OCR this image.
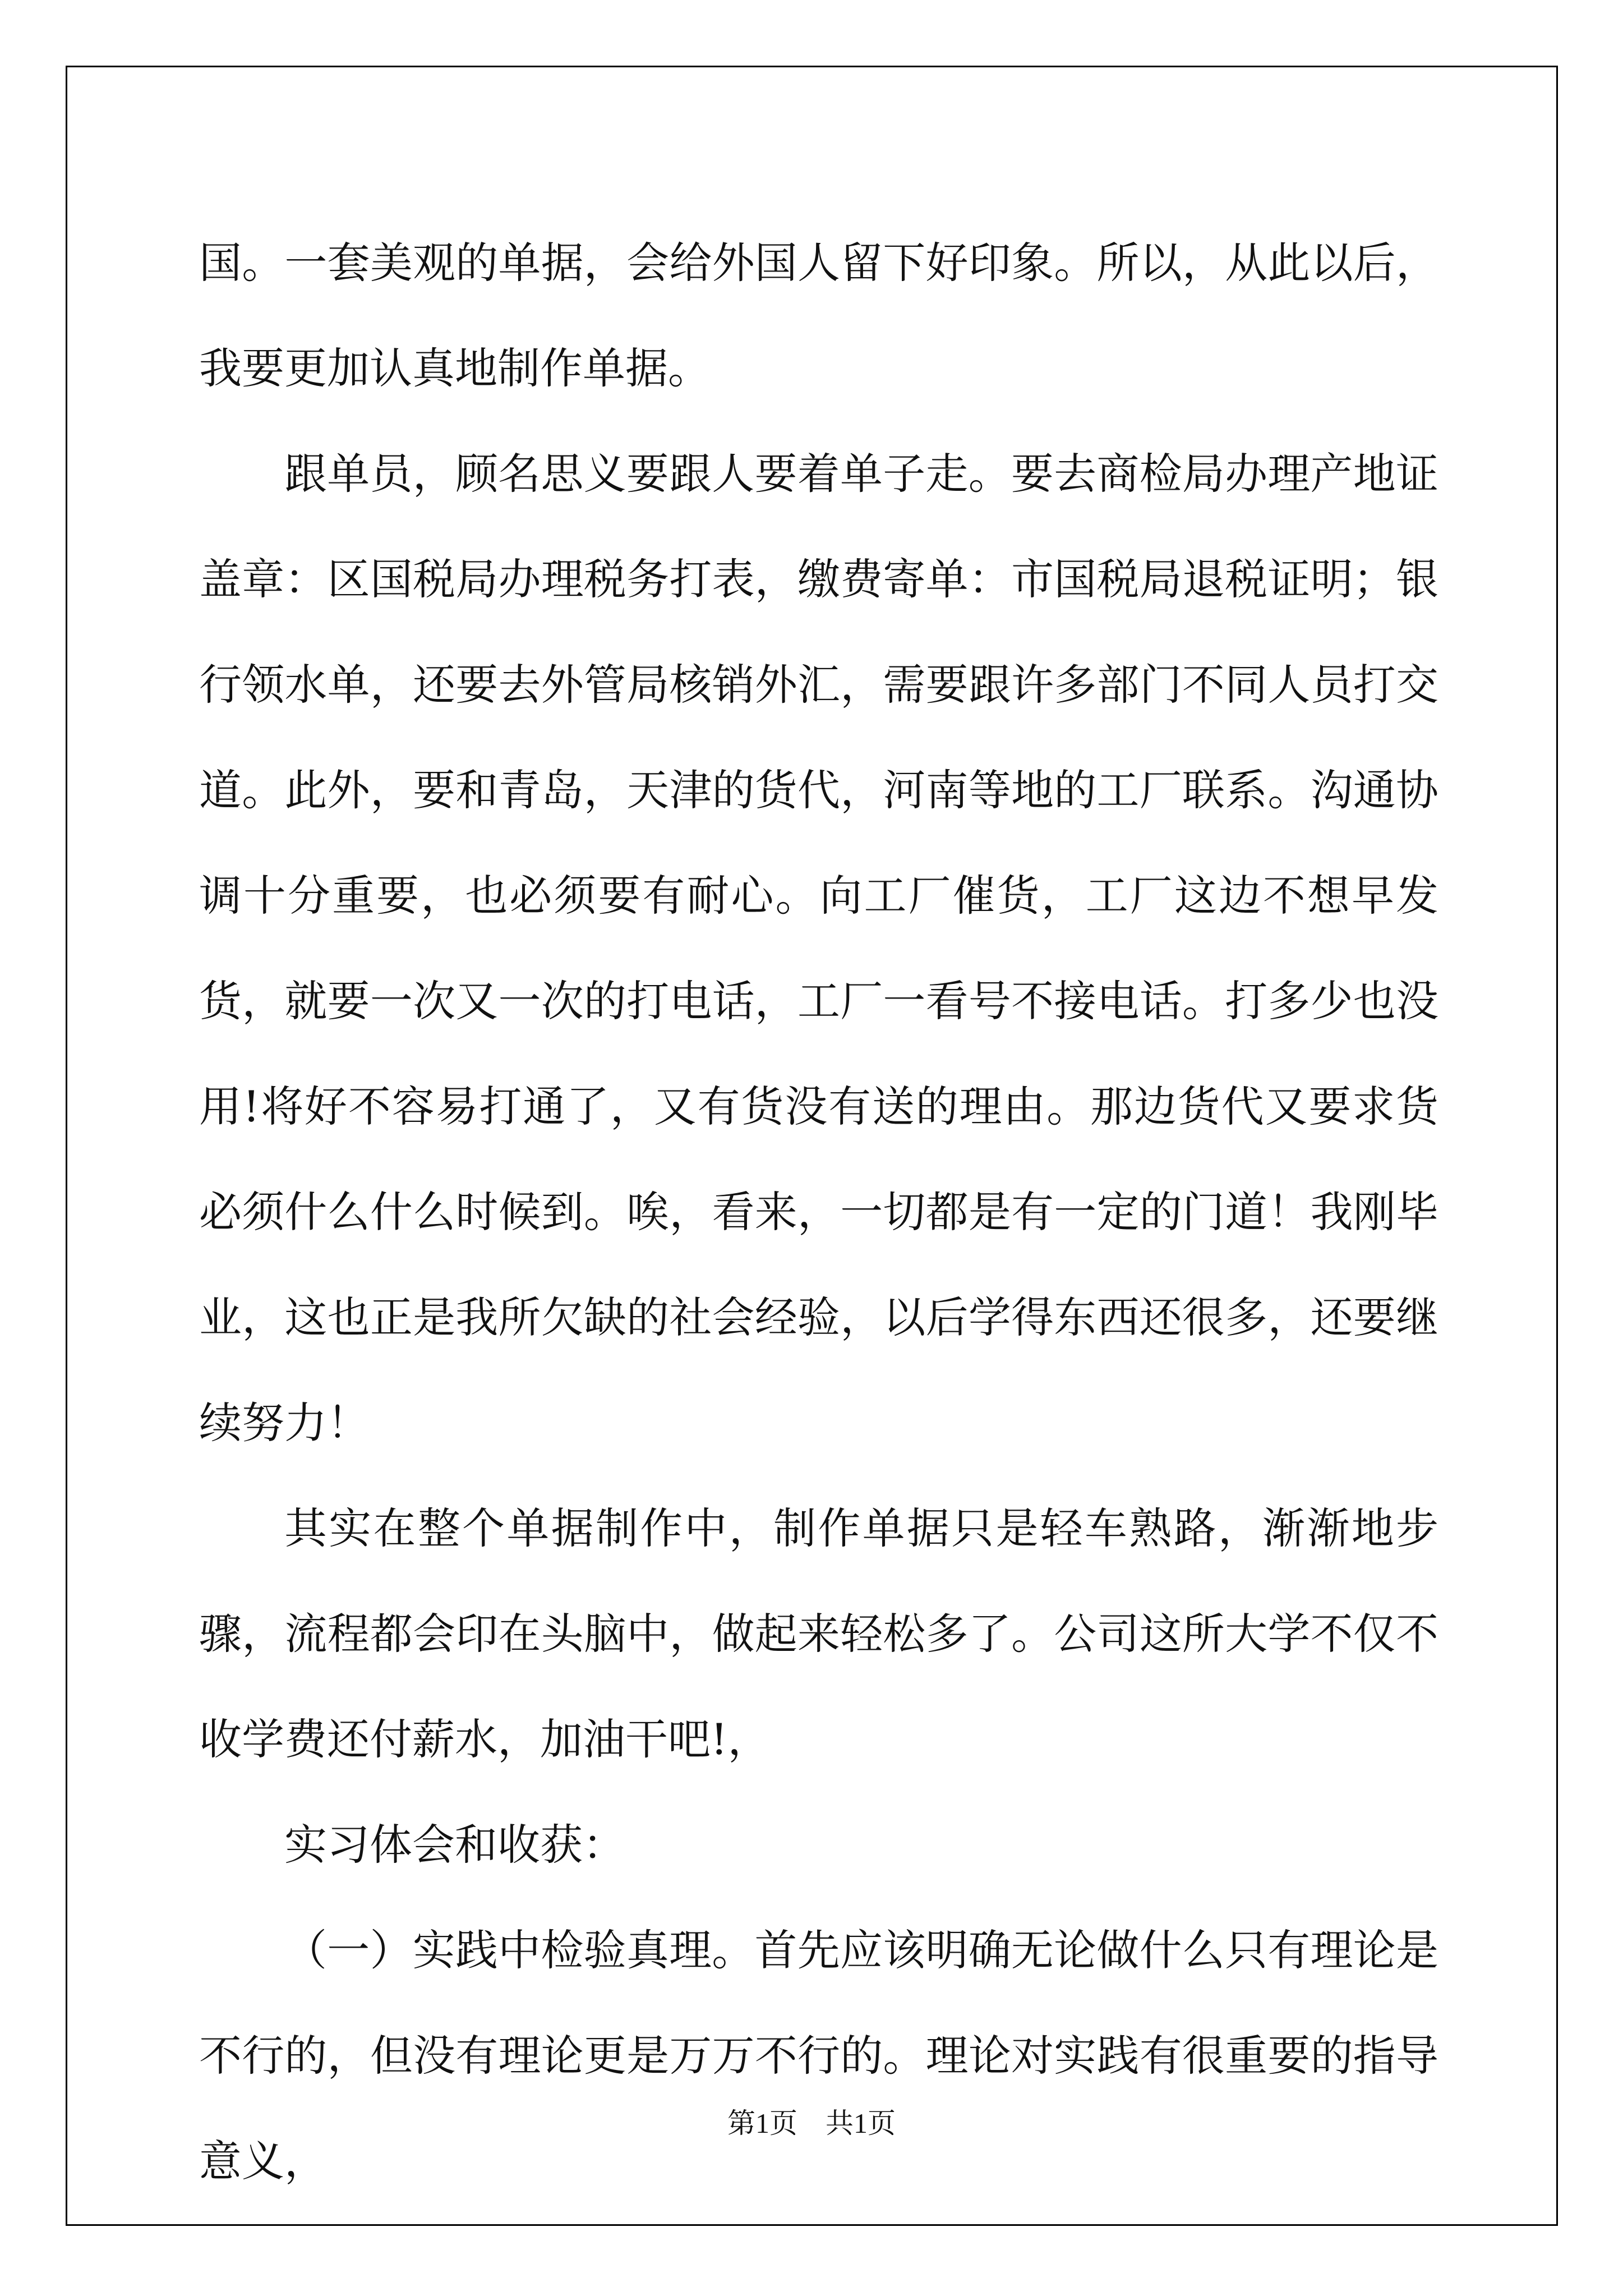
国。一套美观的单据，会给外国人留下好印象。所以，从此以后，我要更加认真地制作单据。

跟单员，顾名思义要跟人要着单子走。要去商检局办理产地证盖章：区国税局办理税务打表，缴费寄单：市国税局退税证明；银行领水单，还要去外管局核销外汇，需要跟许多部门不同人员打交道。此外，要和青岛，天津的货代，河南等地的工厂联系。沟通协调十分重要，也必须要有耐心。向工厂催货，工厂这边不想早发货，就要一次又一次的打电话，工厂一看号不接电话。打多少也没用!将好不容易打通了，又有货没有送的理由。那边货代又要求货必须什么什么时候到。唉，看来，一切都是有一定的门道！我刚毕业，这也正是我所欠缺的社会经验，以后学得东西还很多，还要继续努力！

其实在整个单据制作中，制作单据只是轻车熟路，渐渐地步骤，流程都会印在头脑中，做起来轻松多了。公司这所大学不仅不收学费还付薪水，加油干吧!，

实习体会和收获：

（一）实践中检验真理。首先应该明确无论做什么只有理论是不行的，但没有理论更是万万不行的。理论对实践有很重要的指导意义，

第1页 共1页
